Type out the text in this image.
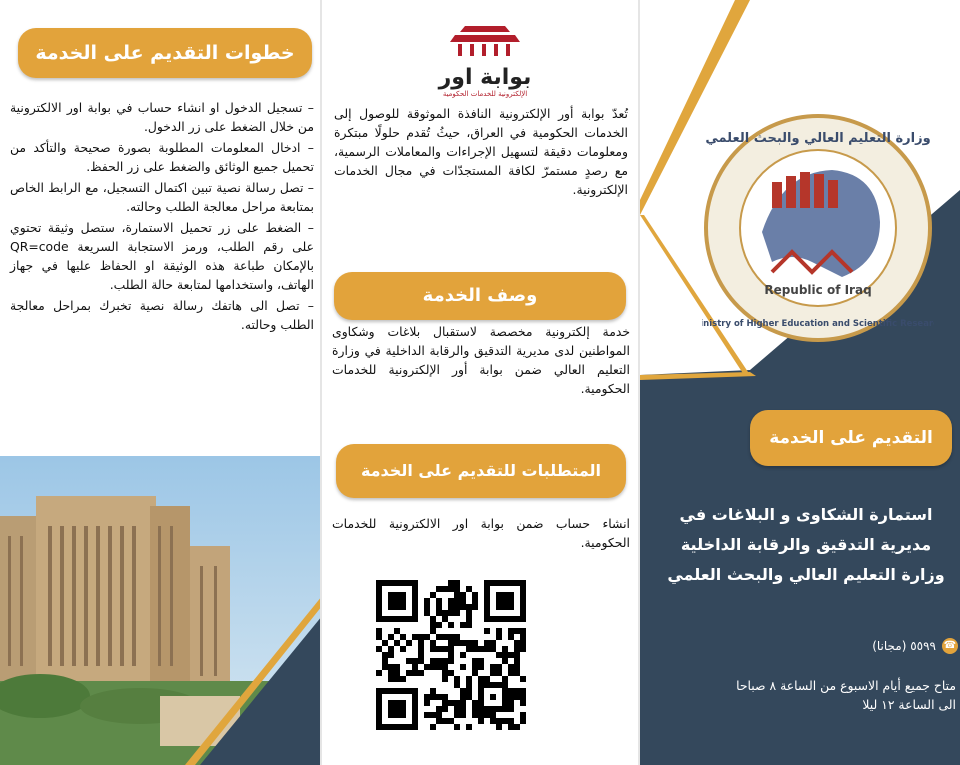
خطوات التقديم على الخدمة

– تسجيل الدخول او انشاء حساب في بوابة اور الالكترونية من خلال الضغط على زر الدخول.

– ادخال المعلومات المطلوبة بصورة صحيحة والتأكد من تحميل جميع الوثائق والضغط على زر الحفظ.

– تصل رسالة نصية تبين اكتمال التسجيل، مع الرابط الخاص بمتابعة مراحل معالجة الطلب وحالته.

– الضغط على زر تحميل الاستمارة، ستصل وثيقة تحتوي على رقم الطلب، ورمز الاستجابة السريعة QR=code بالإمكان طباعة هذه الوثيقة او الحفاظ عليها في جهاز الهاتف، واستخدامها لمتابعة حالة الطلب.

– تصل الى هاتفك رسالة نصية تخبرك بمراحل معالجة الطلب وحالته.

بوابة اور
الإلكترونية للخدمات الحكومية
تُعدّ بوابة أور الإلكترونية النافذة الموثوقة للوصول إلى الخدمات الحكومية في العراق، حيثُ تُقدم حلولًا مبتكرة ومعلومات دقيقة لتسهيل الإجراءات والمعاملات الرسمية، مع رصدٍ مستمرّ لكافة المستجدّات في مجال الخدمات الإلكترونية.
وصف الخدمة
خدمة إلكترونية مخصصة لاستقبال بلاغات وشكاوى المواطنين لدى مديرية التدقيق والرقابة الداخلية في وزارة التعليم العالي ضمن بوابة أور الإلكترونية للخدمات الحكومية.
المتطلبات للتقديم على الخدمة
انشاء حساب ضمن بوابة اور الالكترونية للخدمات الحكومية.
Republic of Iraq
وزارة التعليم العالي والبحث العلمي
Ministry of Higher Education and Scientific Research
التقديم على الخدمة
استمارة الشكاوى و البلاغات في
مديرية التدقيق والرقابة الداخلية
وزارة التعليم العالي والبحث العلمي
☎
٥٥٩٩ (مجانا)
متاح جميع أيام الاسبوع من الساعة ٨ صباحا
الى الساعة ١٢ ليلا
